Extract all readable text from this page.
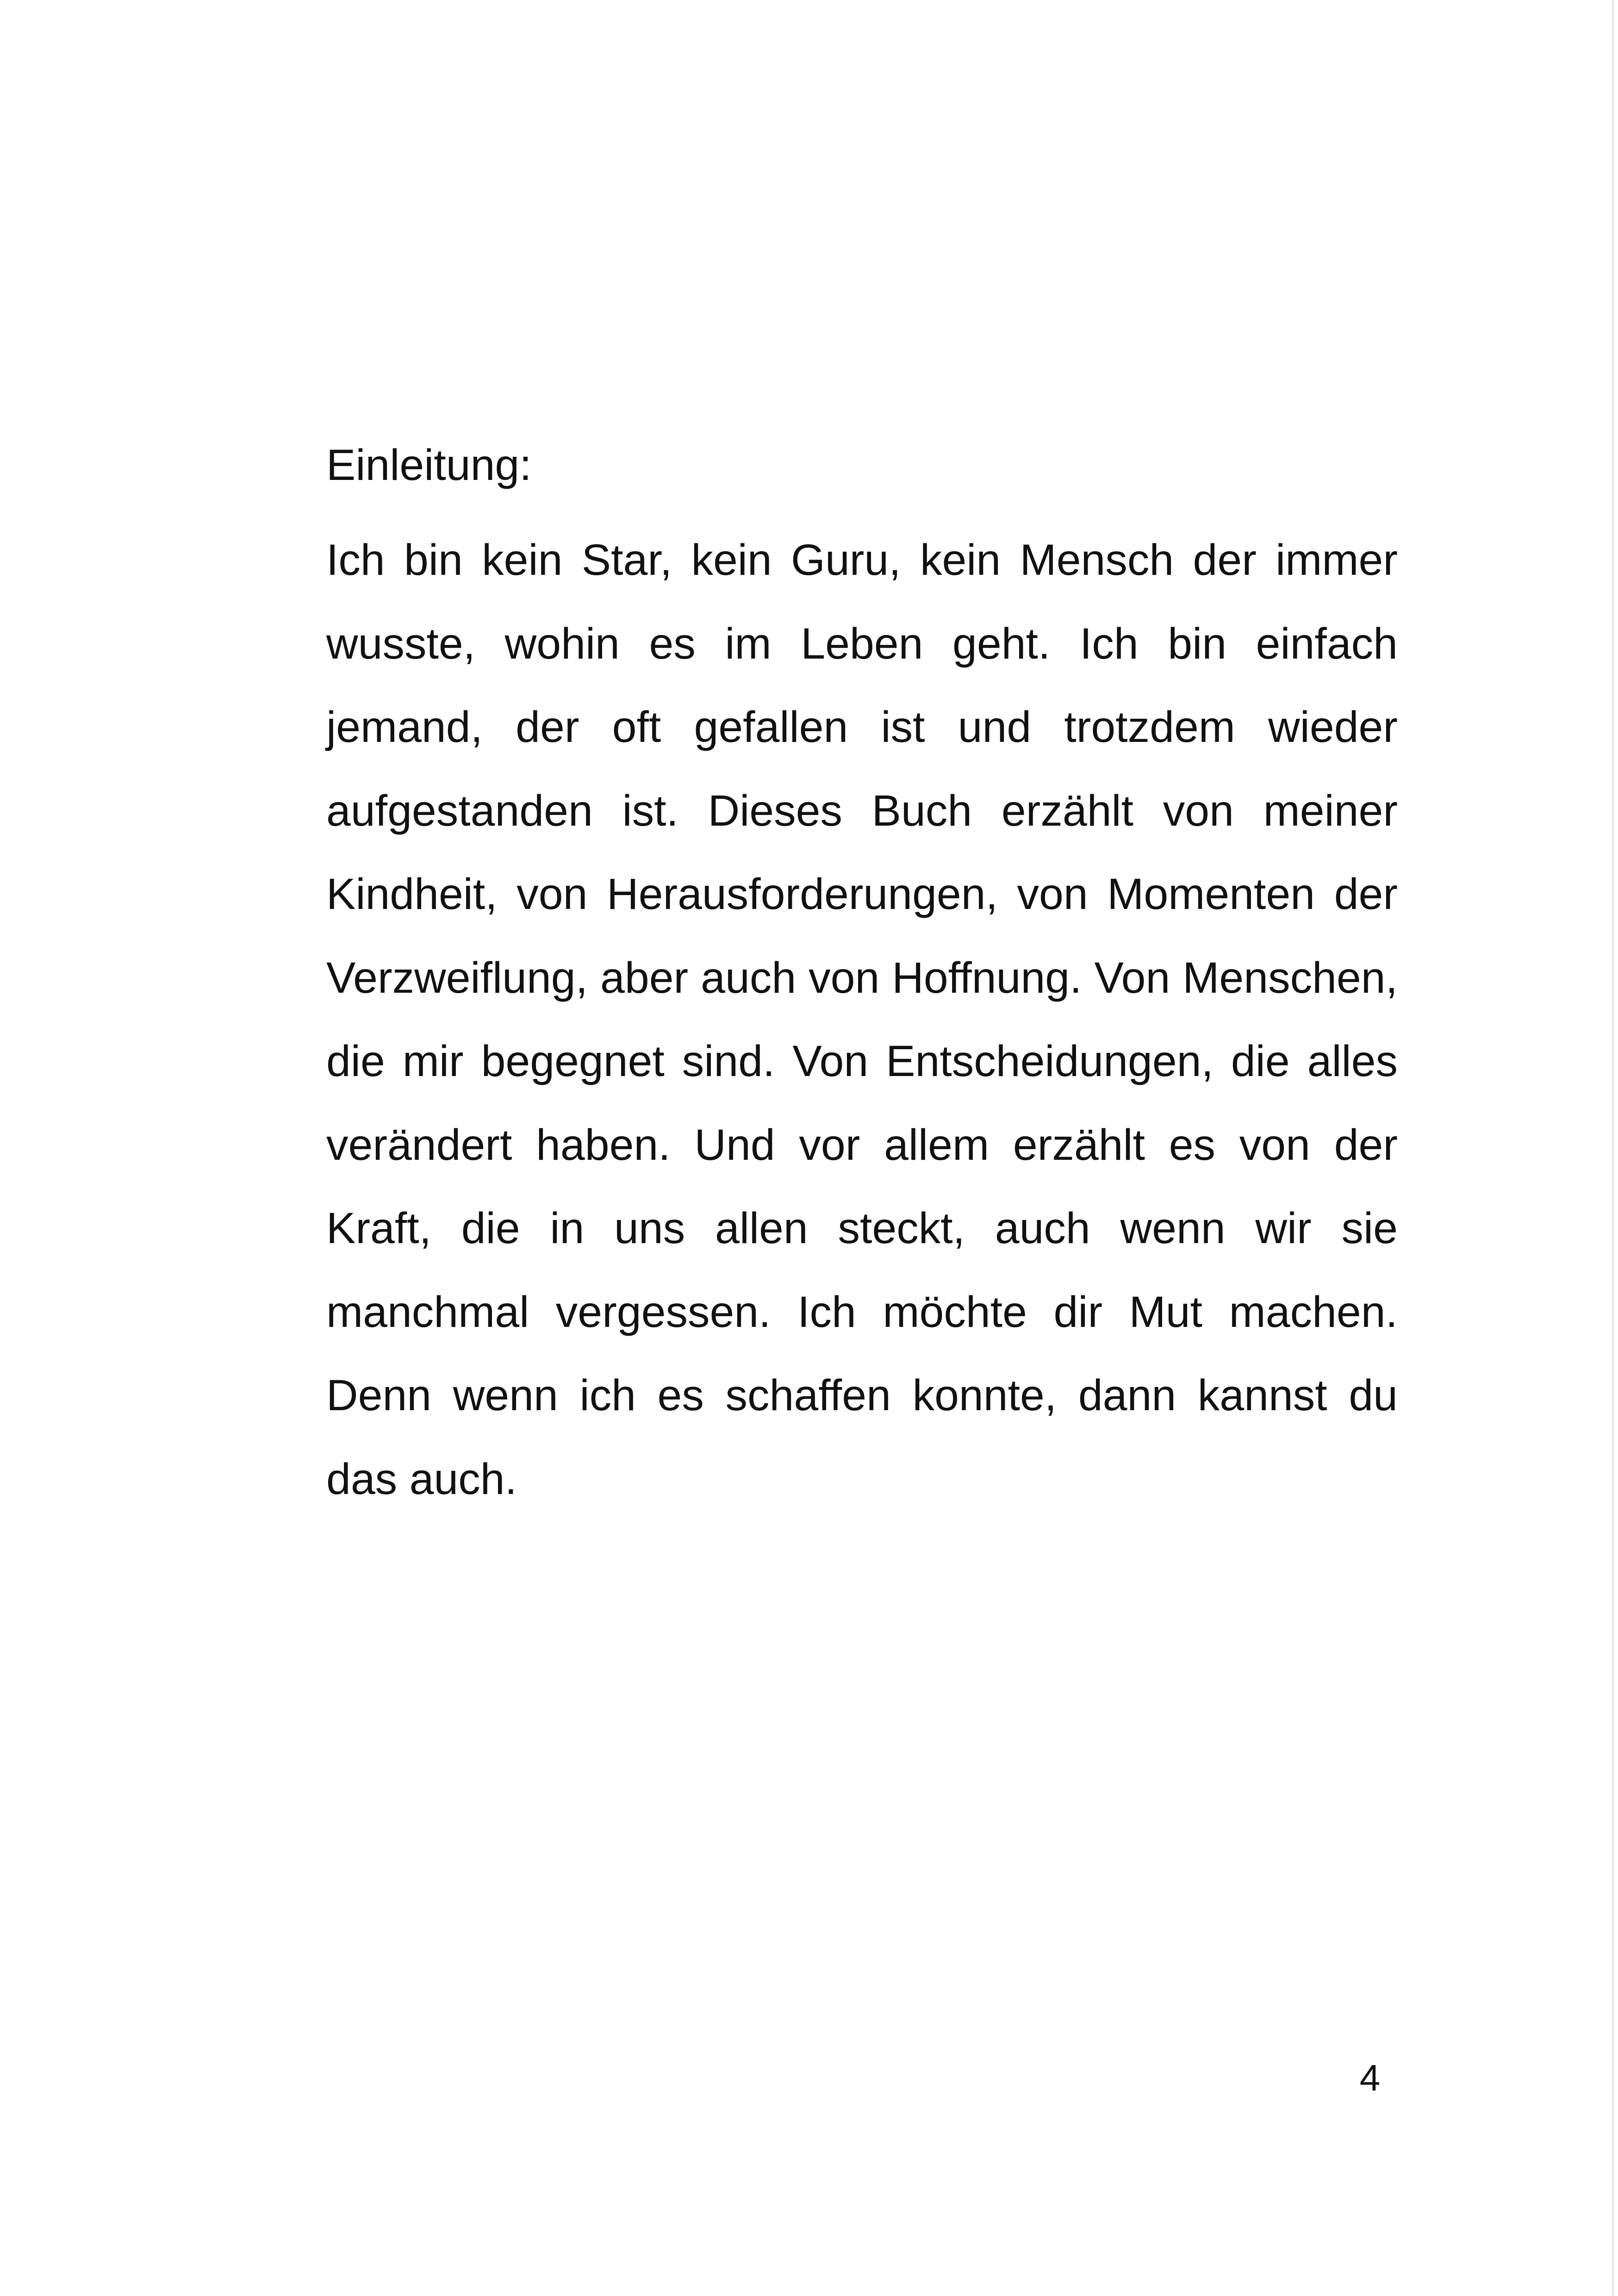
Einleitung:

Ich bin kein Star, kein Guru, kein Mensch der immer wusste, wohin es im Leben geht. Ich bin einfach jemand, der oft gefallen ist und trotzdem wieder aufgestanden ist. Dieses Buch erzählt von meiner Kindheit, von Herausforderungen, von Momenten der Verzweiflung, aber auch von Hoffnung. Von Menschen, die mir begegnet sind. Von Entscheidungen, die alles verändert haben. Und vor allem erzählt es von der Kraft, die in uns allen steckt, auch wenn wir sie manchmal vergessen. Ich möchte dir Mut machen. Denn wenn ich es schaffen konnte, dann kannst du das auch.

4
